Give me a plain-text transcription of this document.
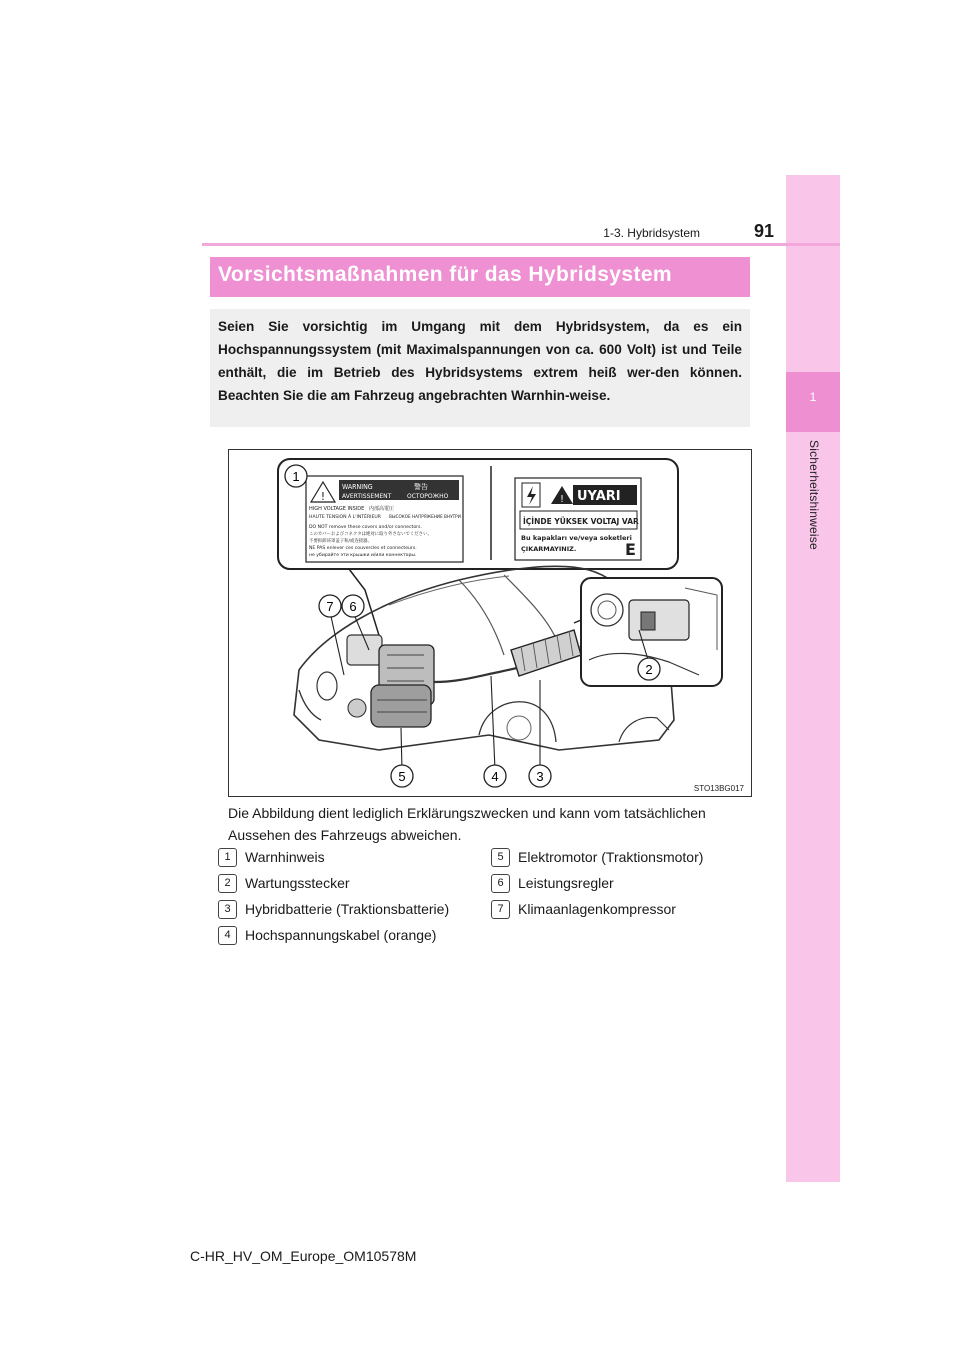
1
Sicherheitshinweise
1-3. Hybridsystem	91
Vorsichtsmaßnahmen für das Hybridsystem
Seien Sie vorsichtig im Umgang mit dem Hybridsystem, da es ein Hochspannungssystem (mit Maximalspannungen von ca. 600 Volt) ist und Teile enthält, die im Betrieb des Hybridsystems extrem heiß wer-den können. Beachten Sie die am Fahrzeug angebrachten Warnhin-weise.
!
WARNING	警告
AVERTISSEMENT	ОСТОРОЖНО
HIGH VOLTAGE INSIDE 内部高電圧
HAUTE TENSION À L'INTÉRIEUR ВЫСОКОЕ НАПРЯЖЕНИЕ ВНУТРИ
DO NOT remove these covers and/or connectors.
このカバーおよびコネクタは絶対に取り外さないでください。
不要拆卸该罩盖子和/或连接器。
NE PAS enlever ces couvercles et connecteurs.
не убирайте эти крышки и/или коннекторы.
! UYARI
İÇİNDE YÜKSEK VOLTAJ VAR
Bu kapakları ve/veya soketleri
ÇIKARMAYINIZ.	E
1
2
3
4
5
6
7
STO13BG017
Die Abbildung dient lediglich Erklärungszwecken und kann vom tatsächlichen Aussehen des Fahrzeugs abweichen.
1	Warnhinweis
2	Wartungsstecker
3	Hybridbatterie (Traktionsbatterie)
4	Hochspannungskabel (orange)
5	Elektromotor (Traktionsmotor)
6	Leistungsregler
7	Klimaanlagenkompressor
C-HR_HV_OM_Europe_OM10578M
